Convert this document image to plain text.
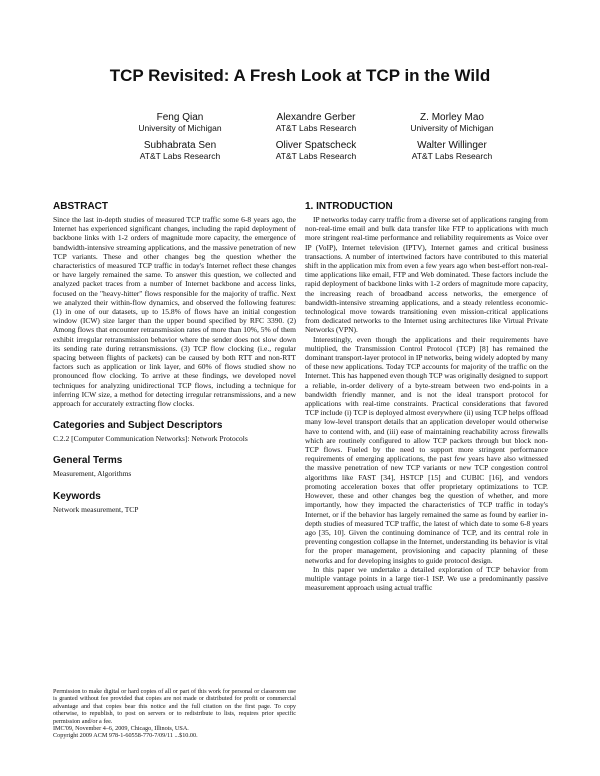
TCP Revisited: A Fresh Look at TCP in the Wild
Feng Qian
University of Michigan
Alexandre Gerber
AT&T Labs Research
Z. Morley Mao
University of Michigan
Subhabrata Sen
AT&T Labs Research
Oliver Spatscheck
AT&T Labs Research
Walter Willinger
AT&T Labs Research
ABSTRACT

Since the last in-depth studies of measured TCP traffic some 6-8 years ago, the Internet has experienced significant changes, including the rapid deployment of backbone links with 1-2 orders of magnitude more capacity, the emergence of bandwidth-intensive streaming applications, and the massive penetration of new TCP variants. These and other changes beg the question whether the characteristics of measured TCP traffic in today's Internet reflect these changes or have largely remained the same. To answer this question, we collected and analyzed packet traces from a number of Internet backbone and access links, focused on the "heavy-hitter" flows responsible for the majority of traffic. Next we analyzed their within-flow dynamics, and observed the following features: (1) in one of our datasets, up to 15.8% of flows have an initial congestion window (ICW) size larger than the upper bound specified by RFC 3390. (2) Among flows that encounter retransmission rates of more than 10%, 5% of them exhibit irregular retransmission behavior where the sender does not slow down its sending rate during retransmissions. (3) TCP flow clocking (i.e., regular spacing between flights of packets) can be caused by both RTT and non-RTT factors such as application or link layer, and 60% of flows studied show no pronounced flow clocking. To arrive at these findings, we developed novel techniques for analyzing unidirectional TCP flows, including a technique for inferring ICW size, a method for detecting irregular retransmissions, and a new approach for accurately extracting flow clocks.

Categories and Subject Descriptors

C.2.2 [Computer Communication Networks]: Network Protocols

General Terms

Measurement, Algorithms

Keywords

Network measurement, TCP

Permission to make digital or hard copies of all or part of this work for personal or classroom use is granted without fee provided that copies are not made or distributed for profit or commercial advantage and that copies bear this notice and the full citation on the first page. To copy otherwise, to republish, to post on servers or to redistribute to lists, requires prior specific permission and/or a fee.

IMC'09, November 4–6, 2009, Chicago, Illinois, USA.

Copyright 2009 ACM 978-1-60558-770-7/09/11 ...$10.00.

1. INTRODUCTION

IP networks today carry traffic from a diverse set of applications ranging from non-real-time email and bulk data transfer like FTP to applications with much more stringent real-time performance and reliability requirements as Voice over IP (VoIP), Internet television (IPTV), Internet games and critical business transactions. A number of intertwined factors have contributed to this material shift in the application mix from even a few years ago when best-effort non-real-time applications like email, FTP and Web dominated. These factors include the rapid deployment of backbone links with 1-2 orders of magnitude more capacity, the increasing reach of broadband access networks, the emergence of bandwidth-intensive streaming applications, and a steady relentless economic-technological move towards transitioning even mission-critical applications from dedicated networks to the Internet using architectures like Virtual Private Networks (VPN).

Interestingly, even though the applications and their requirements have multiplied, the Transmission Control Protocol (TCP) [8] has remained the dominant transport-layer protocol in IP networks, being widely adopted by many of these new applications. Today TCP accounts for majority of the traffic on the Internet. This has happened even though TCP was originally designed to support a reliable, in-order delivery of a byte-stream between two end-points in a bandwidth friendly manner, and is not the ideal transport protocol for applications with real-time constraints. Practical considerations that favored TCP include (i) TCP is deployed almost everywhere (ii) using TCP helps offload many low-level transport details that an application developer would otherwise have to contend with, and (iii) ease of maintaining reachability across firewalls which are routinely configured to allow TCP packets through but block non-TCP flows. Fueled by the need to support more stringent performance requirements of emerging applications, the past few years have also witnessed the massive penetration of new TCP variants or new TCP congestion control algorithms like FAST [34], HSTCP [15] and CUBIC [16], and vendors promoting acceleration boxes that offer proprietary optimizations to TCP. However, these and other changes beg the question of whether, and more importantly, how they impacted the characteristics of TCP traffic in today's Internet, or if the behavior has largely remained the same as found by earlier in-depth studies of measured TCP traffic, the latest of which date to some 6-8 years ago [35, 10]. Given the continuing dominance of TCP, and its central role in preventing congestion collapse in the Internet, understanding its behavior is vital for the proper management, provisioning and capacity planning of these networks and for developing insights to guide protocol design.

In this paper we undertake a detailed exploration of TCP behavior from multiple vantage points in a large tier-1 ISP. We use a predominantly passive measurement approach using actual traffic
